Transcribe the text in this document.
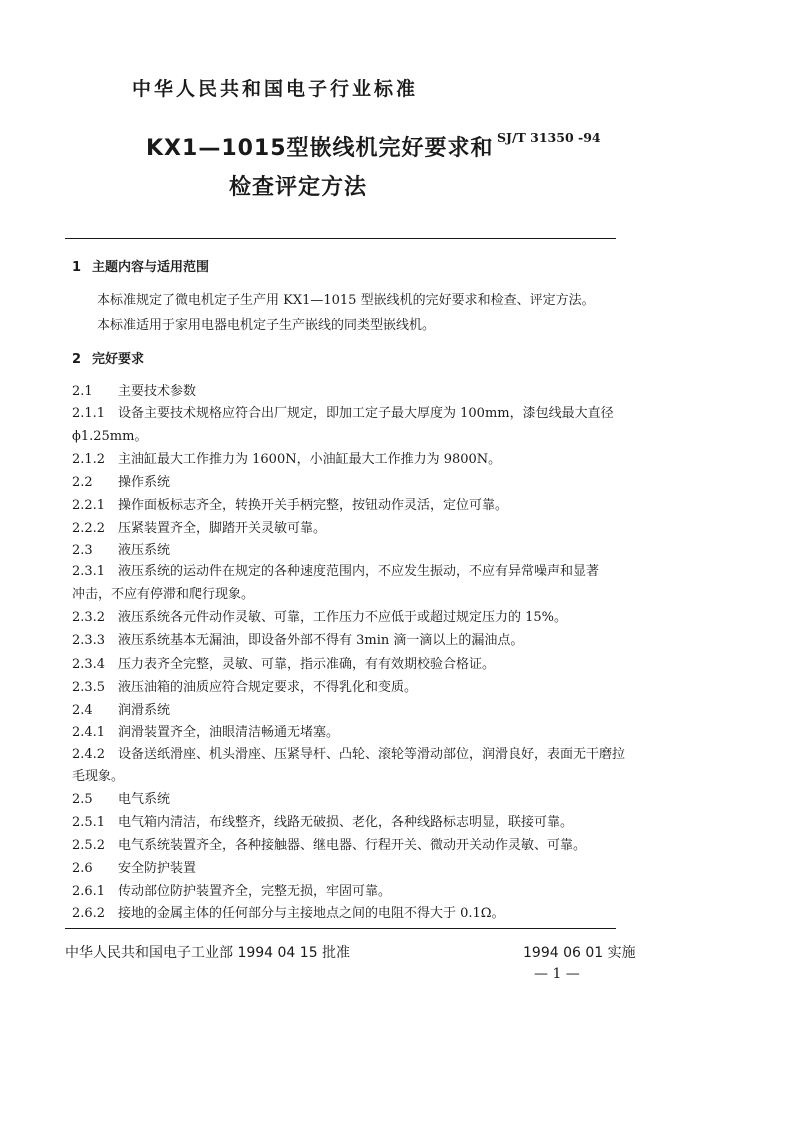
中华人民共和国电子行业标准
KX1—1015型嵌线机完好要求和
检查评定方法
SJ/T 31350 -94
1 主题内容与适用范围
本标准规定了微电机定子生产用 KX1—1015 型嵌线机的完好要求和检查、评定方法。
本标准适用于家用电器电机定子生产嵌线的同类型嵌线机。
2 完好要求
2.1 主要技术参数
2.1.1 设备主要技术规格应符合出厂规定，即加工定子最大厚度为 100mm，漆包线最大直径
ϕ1.25mm。
2.1.2 主油缸最大工作推力为 1600N，小油缸最大工作推力为 9800N。
2.2 操作系统
2.2.1 操作面板标志齐全，转换开关手柄完整，按钮动作灵活，定位可靠。
2.2.2 压紧装置齐全，脚踏开关灵敏可靠。
2.3 液压系统
2.3.1 液压系统的运动件在规定的各种速度范围内，不应发生振动，不应有异常噪声和显著
冲击，不应有停滞和爬行现象。
2.3.2 液压系统各元件动作灵敏、可靠，工作压力不应低于或超过规定压力的 15%。
2.3.3 液压系统基本无漏油，即设备外部不得有 3min 滴一滴以上的漏油点。
2.3.4 压力表齐全完整，灵敏、可靠，指示准确，有有效期校验合格证。
2.3.5 液压油箱的油质应符合规定要求，不得乳化和变质。
2.4 润滑系统
2.4.1 润滑装置齐全，油眼清洁畅通无堵塞。
2.4.2 设备送纸滑座、机头滑座、压紧导杆、凸轮、滚轮等滑动部位，润滑良好，表面无干磨拉
毛现象。
2.5 电气系统
2.5.1 电气箱内清洁，布线整齐，线路无破损、老化，各种线路标志明显，联接可靠。
2.5.2 电气系统装置齐全，各种接触器、继电器、行程开关、微动开关动作灵敏、可靠。
2.6 安全防护装置
2.6.1 传动部位防护装置齐全，完整无损，牢固可靠。
2.6.2 接地的金属主体的任何部分与主接地点之间的电阻不得大于 0.1Ω。
中华人民共和国电子工业部 1994 04 15 批准	1994 06 01 实施
— 1 —
